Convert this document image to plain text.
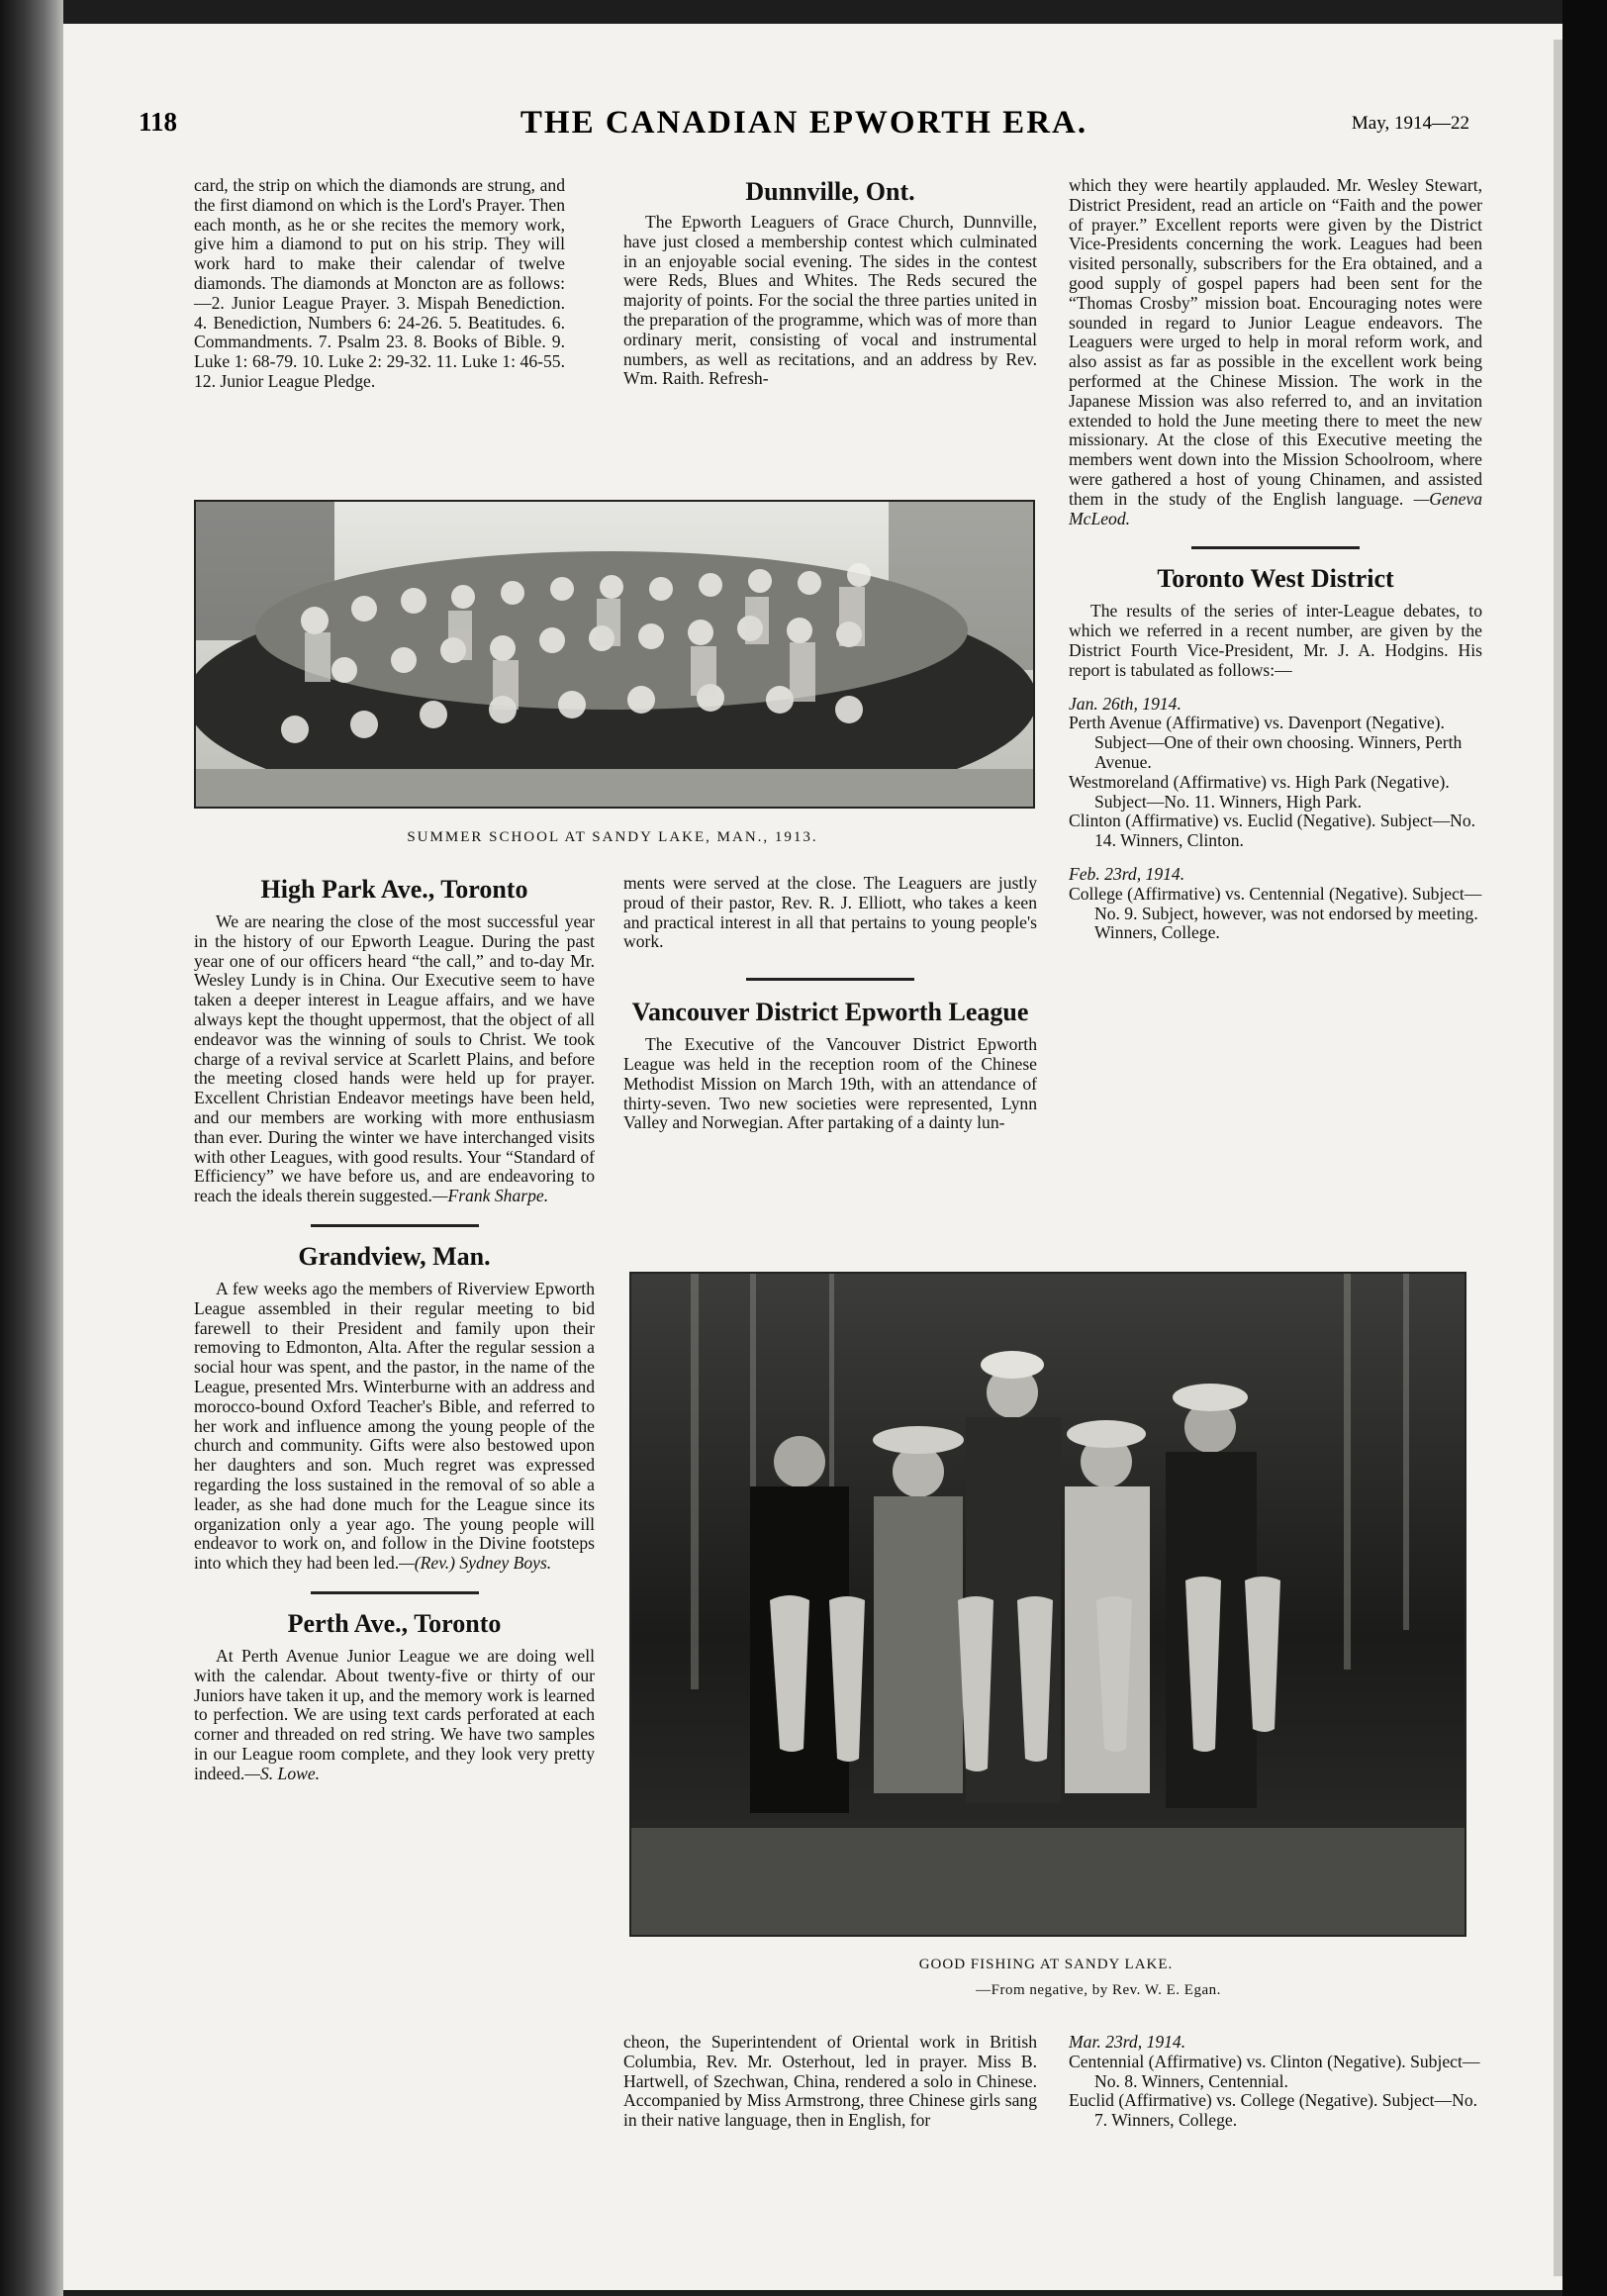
118	THE CANADIAN EPWORTH ERA.	May, 1914—22

card, the strip on which the diamonds are strung, and the first diamond on which is the Lord's Prayer. Then each month, as he or she recites the memory work, give him a diamond to put on his strip. They will work hard to make their calendar of twelve diamonds. The diamonds at Moncton are as follows:—2. Junior League Prayer. 3. Mispah Benediction. 4. Benediction, Numbers 6: 24-26. 5. Beatitudes. 6. Commandments. 7. Psalm 23. 8. Books of Bible. 9. Luke 1: 68-79. 10. Luke 2: 29-32. 11. Luke 1: 46-55. 12. Junior League Pledge.

Dunnville, Ont.

The Epworth Leaguers of Grace Church, Dunnville, have just closed a membership contest which culminated in an enjoyable social evening. The sides in the contest were Reds, Blues and Whites. The Reds secured the majority of points. For the social the three parties united in the preparation of the programme, which was of more than ordinary merit, consisting of vocal and instrumental numbers, as well as recitations, and an address by Rev. Wm. Raith. Refresh-

which they were heartily applauded. Mr. Wesley Stewart, District President, read an article on “Faith and the power of prayer.” Excellent reports were given by the District Vice-Presidents concerning the work. Leagues had been visited personally, subscribers for the Era obtained, and a good supply of gospel papers had been sent for the “Thomas Crosby” mission boat. Encouraging notes were sounded in regard to Junior League endeavors. The Leaguers were urged to help in moral reform work, and also assist as far as possible in the excellent work being performed at the Chinese Mission. The work in the Japanese Mission was also referred to, and an invitation extended to hold the June meeting there to meet the new missionary. At the close of this Executive meeting the members went down into the Mission Schoolroom, where were gathered a host of young Chinamen, and assisted them in the study of the English language. —Geneva McLeod.

Toronto West District

The results of the series of inter-League debates, to which we referred in a recent number, are given by the District Fourth Vice-President, Mr. J. A. Hodgins. His report is tabulated as follows:—

Jan. 26th, 1914.

Perth Avenue (Affirmative) vs. Davenport (Negative). Subject—One of their own choosing. Winners, Perth Avenue.

Westmoreland (Affirmative) vs. High Park (Negative). Subject—No. 11. Winners, High Park.

Clinton (Affirmative) vs. Euclid (Negative). Subject—No. 14. Winners, Clinton.

Feb. 23rd, 1914.

College (Affirmative) vs. Centennial (Negative). Subject—No. 9. Subject, however, was not endorsed by meeting. Winners, College.

SUMMER SCHOOL AT SANDY LAKE, MAN., 1913.
High Park Ave., Toronto

We are nearing the close of the most successful year in the history of our Epworth League. During the past year one of our officers heard “the call,” and to-day Mr. Wesley Lundy is in China. Our Executive seem to have taken a deeper interest in League affairs, and we have always kept the thought uppermost, that the object of all endeavor was the winning of souls to Christ. We took charge of a revival service at Scarlett Plains, and before the meeting closed hands were held up for prayer. Excellent Christian Endeavor meetings have been held, and our members are working with more enthusiasm than ever. During the winter we have interchanged visits with other Leagues, with good results. Your “Standard of Efficiency” we have before us, and are endeavoring to reach the ideals therein suggested.—Frank Sharpe.

Grandview, Man.

A few weeks ago the members of Riverview Epworth League assembled in their regular meeting to bid farewell to their President and family upon their removing to Edmonton, Alta. After the regular session a social hour was spent, and the pastor, in the name of the League, presented Mrs. Winterburne with an address and morocco-bound Oxford Teacher's Bible, and referred to her work and influence among the young people of the church and community. Gifts were also bestowed upon her daughters and son. Much regret was expressed regarding the loss sustained in the removal of so able a leader, as she had done much for the League since its organization only a year ago. The young people will endeavor to work on, and follow in the Divine footsteps into which they had been led.—(Rev.) Sydney Boys.

Perth Ave., Toronto

At Perth Avenue Junior League we are doing well with the calendar. About twenty-five or thirty of our Juniors have taken it up, and the memory work is learned to perfection. We are using text cards perforated at each corner and threaded on red string. We have two samples in our League room complete, and they look very pretty indeed.—S. Lowe.

ments were served at the close. The Leaguers are justly proud of their pastor, Rev. R. J. Elliott, who takes a keen and practical interest in all that pertains to young people's work.

Vancouver District Epworth League

The Executive of the Vancouver District Epworth League was held in the reception room of the Chinese Methodist Mission on March 19th, with an attendance of thirty-seven. Two new societies were represented, Lynn Valley and Norwegian. After partaking of a dainty lun-

GOOD FISHING AT SANDY LAKE.
—From negative, by Rev. W. E. Egan.

cheon, the Superintendent of Oriental work in British Columbia, Rev. Mr. Osterhout, led in prayer. Miss B. Hartwell, of Szechwan, China, rendered a solo in Chinese. Accompanied by Miss Armstrong, three Chinese girls sang in their native language, then in English, for

Mar. 23rd, 1914.

Centennial (Affirmative) vs. Clinton (Negative). Subject—No. 8. Winners, Centennial.

Euclid (Affirmative) vs. College (Negative). Subject—No. 7. Winners, College.
